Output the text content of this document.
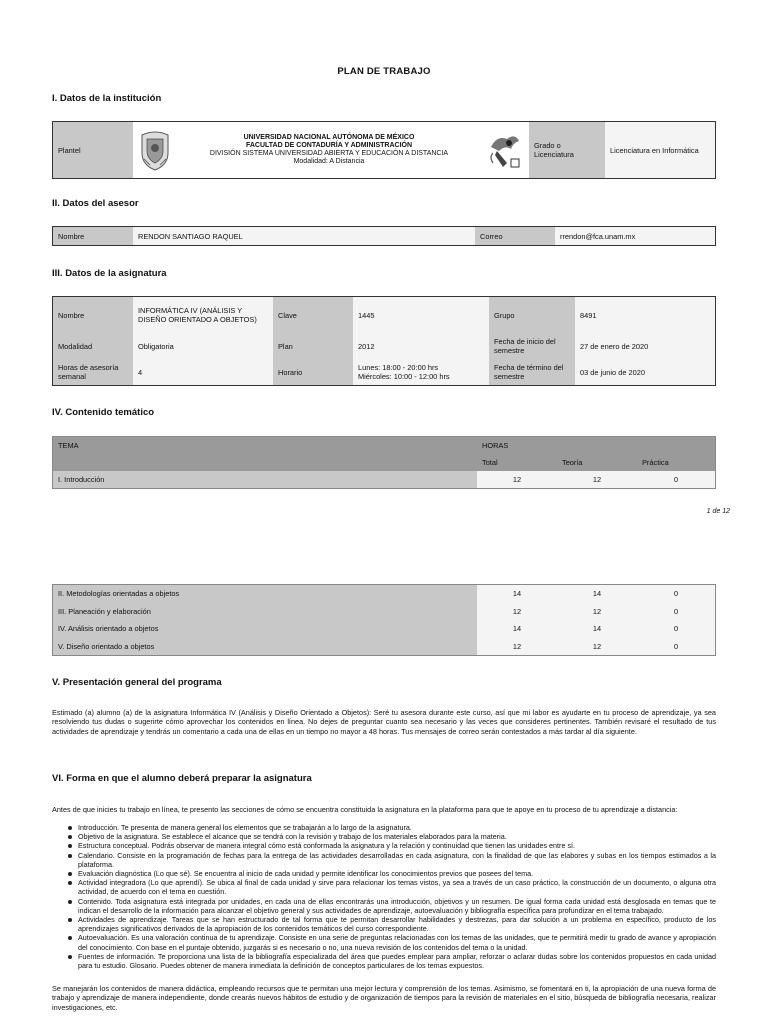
PLAN DE TRABAJO
I. Datos de la institución
Plantel	
UNIVERSIDAD NACIONAL AUTÓNOMA DE MÉXICO
FACULTAD DE CONTADURÍA Y ADMINISTRACIÓN
DIVISIÓN SISTEMA UNIVERSIDAD ABIERTA Y EDUCACIÓN A DISTANCIA
Modalidad: A Distancia
	Grado o Licenciatura	Licenciatura en Informática
II. Datos del asesor
Nombre	RENDON SANTIAGO RAQUEL	Correo	rrendon@fca.unam.mx
III. Datos de la asignatura
Nombre	INFORMÁTICA IV (ANÁLISIS Y DISEÑO ORIENTADO A OBJETOS)	Clave	1445	Grupo	8491
Modalidad	Obligatoria	Plan	2012	Fecha de inicio del semestre	27 de enero de 2020
Horas de asesoría semanal	4	Horario	Lunes: 18:00 - 20:00 hrs
Miércoles: 10:00 - 12:00 hrs	Fecha de término del semestre	03 de junio de 2020
IV. Contenido temático
TEMA	HORAS		
	Total	Teoría	Práctica
I. Introducción	12	12	0
1 de 12
II. Metodologías orientadas a objetos	14	14	0
III. Planeación y elaboración	12	12	0
IV. Análisis orientado a objetos	14	14	0
V. Diseño orientado a objetos	12	12	0
V. Presentación general del programa
Estimado (a) alumno (a) de la asignatura Informática IV (Análisis y Diseño Orientado a Objetos): Seré tu asesora durante este curso, así que mi labor es ayudarte en tu proceso de aprendizaje, ya sea resolviendo tus dudas o sugerirte cómo aprovechar los contenidos en línea. No dejes de preguntar cuanto sea necesario y las veces que consideres pertinentes. También revisaré el resultado de tus actividades de aprendizaje y tendrás un comentario a cada una de ellas en un tiempo no mayor a 48 horas. Tus mensajes de correo serán contestados a más tardar al día siguiente.
VI. Forma en que el alumno deberá preparar la asignatura
Antes de que inicies tu trabajo en línea, te presento las secciones de cómo se encuentra constituida la asignatura en la plataforma para que te apoye en tu proceso de tu aprendizaje a distancia:
Introducción. Te presenta de manera general los elementos que se trabajarán a lo largo de la asignatura.
Objetivo de la asignatura. Se establece el alcance que se tendrá con la revisión y trabajo de los materiales elaborados para la materia.
Estructura conceptual. Podrás observar de manera integral cómo está conformada la asignatura y la relación y continuidad que tienen las unidades entre sí.
Calendario. Consiste en la programación de fechas para la entrega de las actividades desarrolladas en cada asignatura, con la finalidad de que las elabores y subas en los tiempos estimados a la plataforma.
Evaluación diagnóstica (Lo que sé). Se encuentra al inicio de cada unidad y permite identificar los conocimientos previos que posees del tema.
Actividad integradora (Lo que aprendí). Se ubica al final de cada unidad y sirve para relacionar los temas vistos, ya sea a través de un caso práctico, la construcción de un documento, o alguna otra actividad, de acuerdo con el tema en cuestión.
Contenido. Toda asignatura está integrada por unidades, en cada una de ellas encontrarás una introducción, objetivos y un resumen. De igual forma cada unidad está desglosada en temas que te indican el desarrollo de la información para alcanzar el objetivo general y sus actividades de aprendizaje, autoevaluación y bibliografía específica para profundizar en el tema trabajado.
Actividades de aprendizaje. Tareas que se han estructurado de tal forma que te permitan desarrollar habilidades y destrezas, para dar solución a un problema en específico, producto de los aprendizajes significativos derivados de la apropiación de los contenidos temáticos del curso correspondiente.
Autoevaluación. Es una valoración continua de tu aprendizaje. Consiste en una serie de preguntas relacionadas con los temas de las unidades, que te permitirá medir tu grado de avance y apropiación del conocimiento. Con base en el puntaje obtenido, juzgarás si es necesario o no, una nueva revisión de los contenidos del tema o la unidad.
Fuentes de información. Te proporciona una lista de la bibliografía especializada del área que puedes emplear para ampliar, reforzar o aclarar dudas sobre los contenidos propuestos en cada unidad para tu estudio. Glosario. Puedes obtener de manera inmediata la definición de conceptos particulares de los temas expuestos.
Se manejarán los contenidos de manera didáctica, empleando recursos que te permitan una mejor lectura y comprensión de los temas. Asimismo, se fomentará en ti, la apropiación de una nueva forma de trabajo y aprendizaje de manera independiente, donde crearás nuevos hábitos de estudio y de organización de tiempos para la revisión de materiales en el sitio, búsqueda de bibliografía necesaria, realizar investigaciones, etc.
